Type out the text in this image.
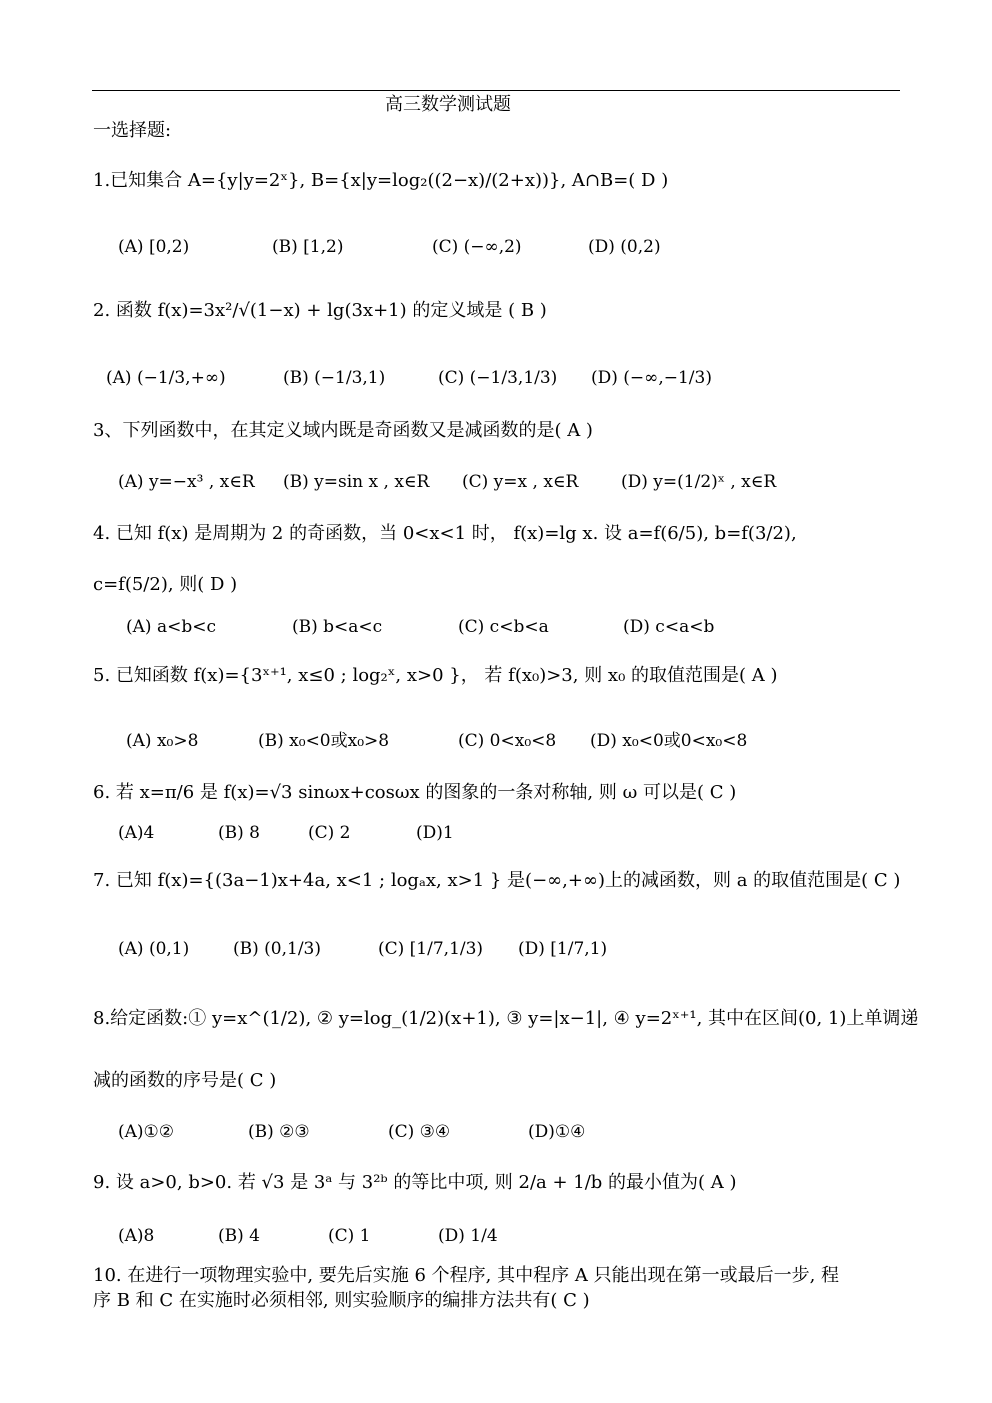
高三数学测试题
一选择题:
1.已知集合 A={y|y=2ˣ}, B={x|y=log₂((2−x)/(2+x))}, A∩B=( D )
(A) [0,2)	(B) [1,2)	(C) (−∞,2)	(D) (0,2)
2. 函数 f(x)=3x²/√(1−x) + lg(3x+1) 的定义域是 ( B )
(A) (−1/3,+∞)	(B) (−1/3,1)	(C) (−1/3,1/3) (D) (−∞,−1/3)
3、下列函数中，在其定义域内既是奇函数又是减函数的是( A )
(A) y=−x³ , x∈R (B) y=sin x , x∈R (C) y=x , x∈R	(D) y=(1/2)ˣ , x∈R
4. 已知 f(x) 是周期为 2 的奇函数，当 0<x<1 时， f(x)=lg x. 设 a=f(6/5), b=f(3/2),
c=f(5/2), 则( D )
(A) a<b<c	(B) b<a<c	(C) c<b<a	(D) c<a<b
5. 已知函数 f(x)={3ˣ⁺¹, x≤0 ; log₂ˣ, x>0 }， 若 f(x₀)>3, 则 x₀ 的取值范围是( A )
(A) x₀>8	(B) x₀<0或x₀>8	(C) 0<x₀<8 (D) x₀<0或0<x₀<8
6. 若 x=π/6 是 f(x)=√3 sinωx+cosωx 的图象的一条对称轴, 则 ω 可以是( C )
(A)4	(B) 8	(C) 2	(D)1
7. 已知 f(x)={(3a−1)x+4a, x<1 ; logₐx, x>1 } 是(−∞,+∞)上的减函数，则 a 的取值范围是( C )
(A) (0,1)	(B) (0,1/3)	(C) [1/7,1/3) (D) [1/7,1)
8.给定函数:① y=x^(1/2), ② y=log_(1/2)(x+1), ③ y=|x−1|, ④ y=2ˣ⁺¹, 其中在区间(0, 1)上单调递
减的函数的序号是( C )
(A)①②	(B) ②③	(C) ③④	(D)①④
9. 设 a>0, b>0. 若 √3 是 3ᵃ 与 3²ᵇ 的等比中项, 则 2/a + 1/b 的最小值为( A )
(A)8	(B) 4	(C) 1	(D) 1/4
10. 在进行一项物理实验中, 要先后实施 6 个程序, 其中程序 A 只能出现在第一或最后一步, 程
序 B 和 C 在实施时必须相邻, 则实验顺序的编排方法共有( C )
